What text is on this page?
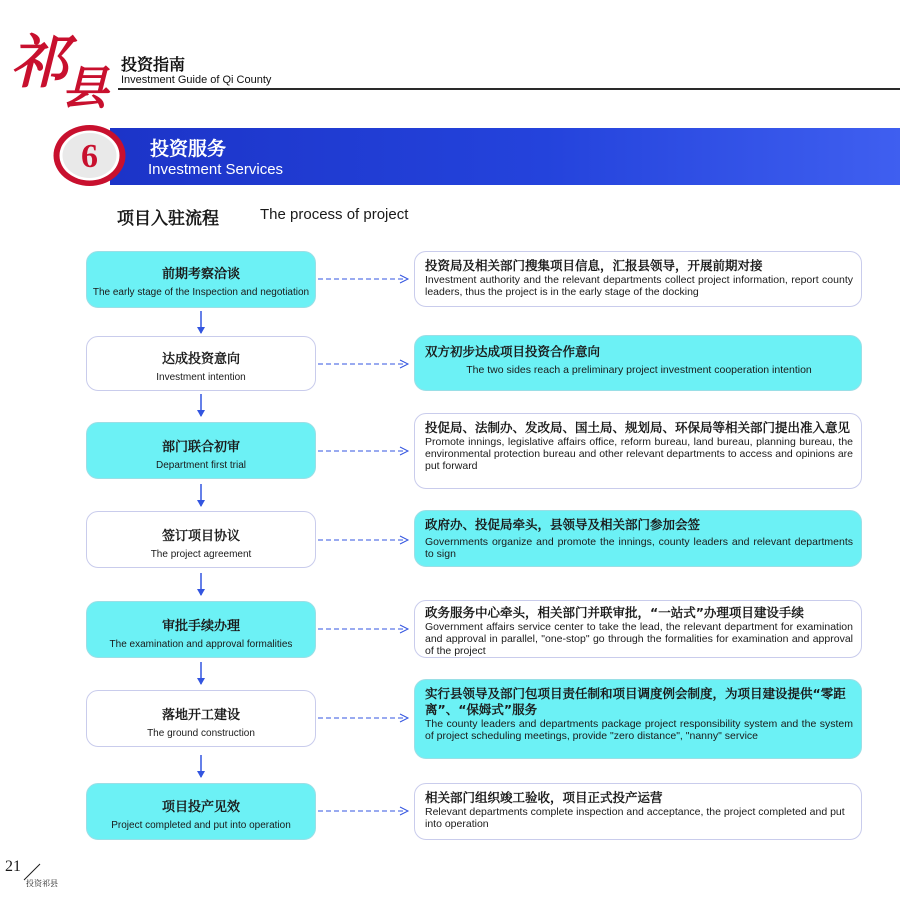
祁
县 投资指南
Investment Guide of Qi County
投资服务
Investment Services
6
项目入驻流程	The process of project
前期考察洽谈
The early stage of the Inspection and negotiation
投资局及相关部门搜集项目信息，汇报县领导，开展前期对接
Investment authority and the relevant departments collect project information, report county leaders, thus the project is in the early stage of the docking
达成投资意向
Investment intention
双方初步达成项目投资合作意向
The two sides reach a preliminary project investment cooperation intention
部门联合初审
Department first trial
投促局、法制办、发改局、国土局、规划局、环保局等相关部门提出准入意见
Promote innings, legislative affairs office, reform bureau, land bureau, planning bureau, the environmental protection bureau and other relevant departments to access and opinions are put forward
签订项目协议
The project agreement
政府办、投促局牵头，县领导及相关部门参加会签
Governments organize and promote the innings, county leaders and relevant departments to sign
审批手续办理
The examination and approval formalities
政务服务中心牵头，相关部门并联审批，“一站式”办理项目建设手续
Government affairs service center to take the lead, the relevant department for examination and approval in parallel, "one-stop" go through the formalities for examination and approval of the project
落地开工建设
The ground construction
实行县领导及部门包项目责任制和项目调度例会制度，为项目建设提供“零距离”、“保姆式”服务
The county leaders and departments package project responsibility system and the system of project scheduling meetings, provide "zero distance", "nanny" service
项目投产见效
Project completed and put into operation
相关部门组织竣工验收，项目正式投产运营
Relevant departments complete inspection and acceptance, the project completed and put into operation
21
投资祁县
